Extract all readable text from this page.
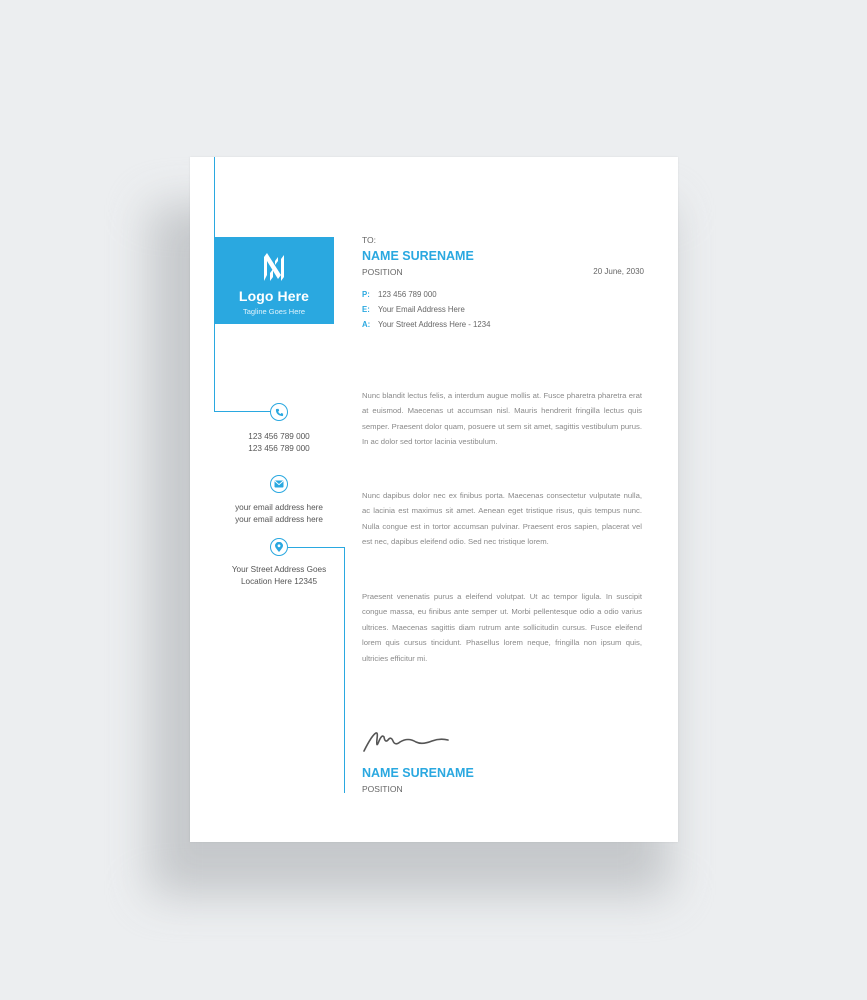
Logo Here
Tagline Goes Here
123 456 789 000
123 456 789 000
your email address here
your email address here
Your Street Address Goes
Location Here 12345
TO:
NAME SURENAME
POSITION	20 June, 2030
P: 123 456 789 000
E: Your Email Address Here
A: Your Street Address Here - 1234
Nunc blandit lectus felis, a interdum augue mollis at. Fusce pharetra pharetra erat at euismod. Maecenas ut accumsan nisl. Mauris hendrerit fringilla lectus quis semper. Praesent dolor quam, posuere ut sem sit amet, sagittis vestibulum purus. In ac dolor sed tortor lacinia vestibulum.
Nunc dapibus dolor nec ex finibus porta. Maecenas consectetur vulputate nulla, ac lacinia est maximus sit amet. Aenean eget tristique risus, quis tempus nunc. Nulla congue est in tortor accumsan pulvinar. Praesent eros sapien, placerat vel est nec, dapibus eleifend odio. Sed nec tristique lorem.
Praesent venenatis purus a eleifend volutpat. Ut ac tempor ligula. In suscipit congue massa, eu finibus ante semper ut. Morbi pellentesque odio a odio varius ultrices. Maecenas sagittis diam rutrum ante sollicitudin cursus. Fusce eleifend lorem quis cursus tincidunt. Phasellus lorem neque, fringilla non ipsum quis, ultricies efficitur mi.
NAME SURENAME
POSITION
